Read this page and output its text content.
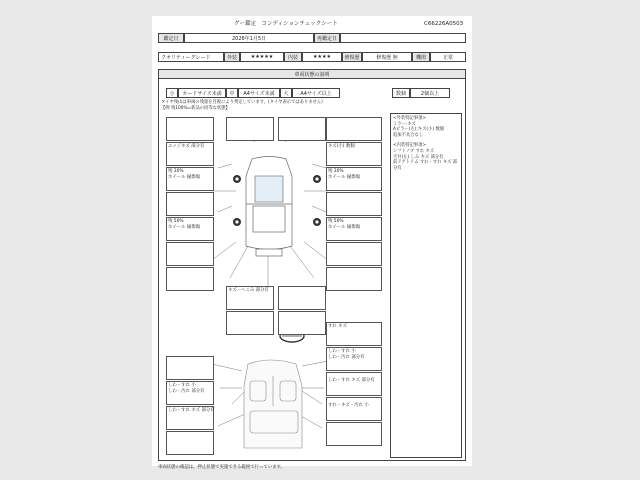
グー鑑定　コンディションチェックシート	C66226A0503
鑑定日	2026年1月5日	再鑑定日
クオリティーグレード	外装	★★★★★	内装	★★★★	修復歴	修復歴 無	機関	正常
車両状態の説明
小	カードサイズ未満	中	A4サイズ未満	大	A4サイズ以上	数個	2個以上
タイヤ残山は車両の残量を目視により判定しています。(タイヤ表示ではありません)
【例 残100%=新品の同等な状態】
<外装特記事項>
ミラー:キズ
Aピラー(左):キズ(小) 数個
追加不具合なし
<内装特記事項>
シフトノブ すれ キズ
天井(左) しみ キズ 部分有
前ドアトリム すれ・すれ キズ 部分有
エッジキズ 部分有	キズ(小) 数個
残 30%
ホイール 縁擦傷
残 30%
ホイール 縁擦傷
残 50%
ホイール 縁擦傷
残 50%
ホイール 縁擦傷
キズ・へこみ 部分有
すれ キズ
しわ・すれ 小
しわ・汚れ 部分有
しわ・すれ 小
しわ・汚れ 部分有
しわ・すれ キズ 部分有
しわ・すれ キズ 部分有
すれ・キズ・汚れ 小
車両状態の確認は、押止状態で実施できる範囲で行っています。
